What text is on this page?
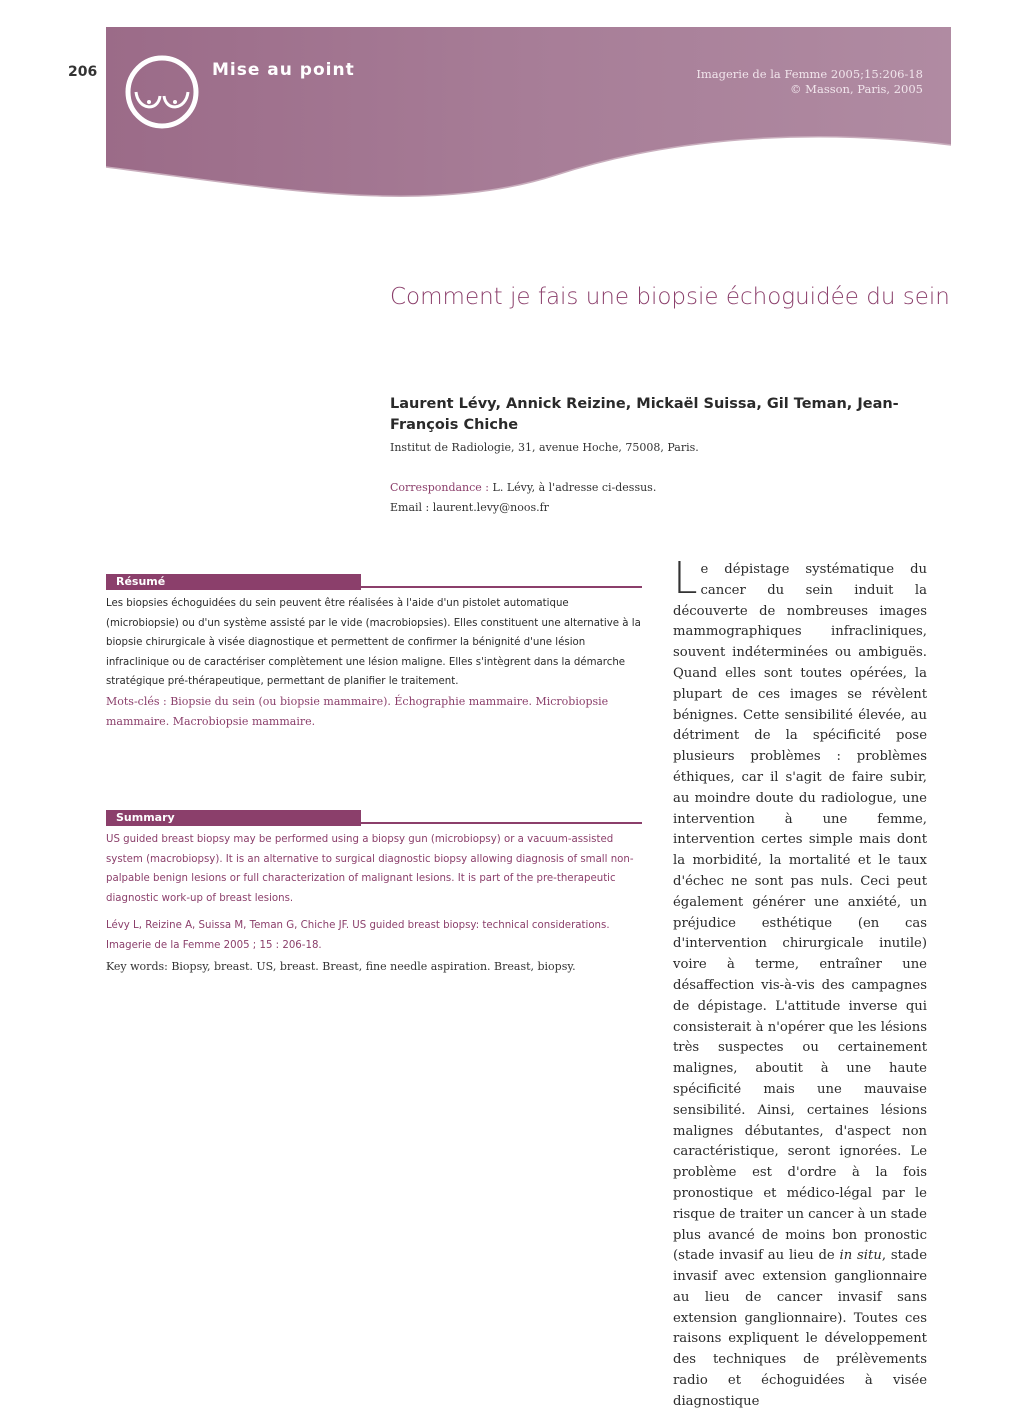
206	Mise au point	Imagerie de la Femme 2005;15:206-18
© Masson, Paris, 2005
Comment je fais une biopsie échoguidée du sein

Laurent Lévy, Annick Reizine, Mickaël Suissa, Gil Teman, Jean-François Chiche

Institut de Radiologie, 31, avenue Hoche, 75008, Paris.
Correspondance : L. Lévy, à l'adresse ci-dessus.
Email : laurent.levy@noos.fr
Résumé

Les biopsies échoguidées du sein peuvent être réalisées à l'aide d'un pistolet automatique (microbiopsie) ou d'un système assisté par le vide (macrobiopsies). Elles constituent une alternative à la biopsie chirurgicale à visée diagnostique et permettent de confirmer la bénignité d'une lésion infraclinique ou de caractériser complètement une lésion maligne. Elles s'intègrent dans la démarche stratégique pré-thérapeutique, permettant de planifier le traitement.

Mots-clés : Biopsie du sein (ou biopsie mammaire). Échographie mammaire. Microbiopsie mammaire. Macrobiopsie mammaire.

Summary

US guided breast biopsy may be performed using a biopsy gun (microbiopsy) or a vacuum-assisted system (macrobiopsy). It is an alternative to surgical diagnostic biopsy allowing diagnosis of small non-palpable benign lesions or full characterization of malignant lesions. It is part of the pre-therapeutic diagnostic work-up of breast lesions.

Lévy L, Reizine A, Suissa M, Teman G, Chiche JF. US guided breast biopsy: technical considerations. Imagerie de la Femme 2005 ; 15 : 206-18.

Key words: Biopsy, breast. US, breast. Breast, fine needle aspiration. Breast, biopsy.

Le dépistage systématique du cancer du sein induit la découverte de nombreuses images mammographiques infracliniques, souvent indéterminées ou ambiguës. Quand elles sont toutes opérées, la plupart de ces images se révèlent bénignes. Cette sensibilité élevée, au détriment de la spécificité pose plusieurs problèmes : problèmes éthiques, car il s'agit de faire subir, au moindre doute du radiologue, une intervention à une femme, intervention certes simple mais dont la morbidité, la mortalité et le taux d'échec ne sont pas nuls. Ceci peut également générer une anxiété, un préjudice esthétique (en cas d'intervention chirurgicale inutile) voire à terme, entraîner une désaffection vis-à-vis des campagnes de dépistage. L'attitude inverse qui consisterait à n'opérer que les lésions très suspectes ou certainement malignes, aboutit à une haute spécificité mais une mauvaise sensibilité. Ainsi, certaines lésions malignes débutantes, d'aspect non caractéristique, seront ignorées. Le problème est d'ordre à la fois pronostique et médico-légal par le risque de traiter un cancer à un stade plus avancé de moins bon pronostic (stade invasif au lieu de in situ, stade invasif avec extension ganglionnaire au lieu de cancer invasif sans extension ganglionnaire). Toutes ces raisons expliquent le développement des techniques de prélèvements radio et échoguidées à visée diagnostique
